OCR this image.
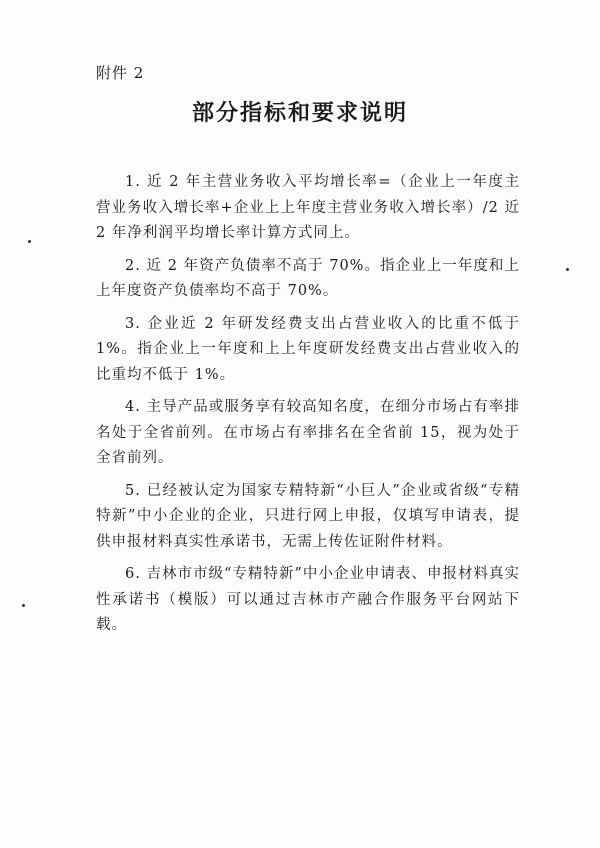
附件 2
部分指标和要求说明

1. 近 2 年主营业务收入平均增长率=（企业上一年度主营业务收入增长率+企业上上年度主营业务收入增长率）/2 近 2 年净利润平均增长率计算方式同上。

2. 近 2 年资产负债率不高于 70%。指企业上一年度和上上年度资产负债率均不高于 70%。

3. 企业近 2 年研发经费支出占营业收入的比重不低于 1%。指企业上一年度和上上年度研发经费支出占营业收入的比重均不低于 1%。

4. 主导产品或服务享有较高知名度，在细分市场占有率排名处于全省前列。在市场占有率排名在全省前 15，视为处于全省前列。

5. 已经被认定为国家专精特新“小巨人”企业或省级“专精特新”中小企业的企业，只进行网上申报，仅填写申请表，提供申报材料真实性承诺书，无需上传佐证附件材料。

6. 吉林市市级“专精特新”中小企业申请表、申报材料真实性承诺书（模版）可以通过吉林市产融合作服务平台网站下载。
